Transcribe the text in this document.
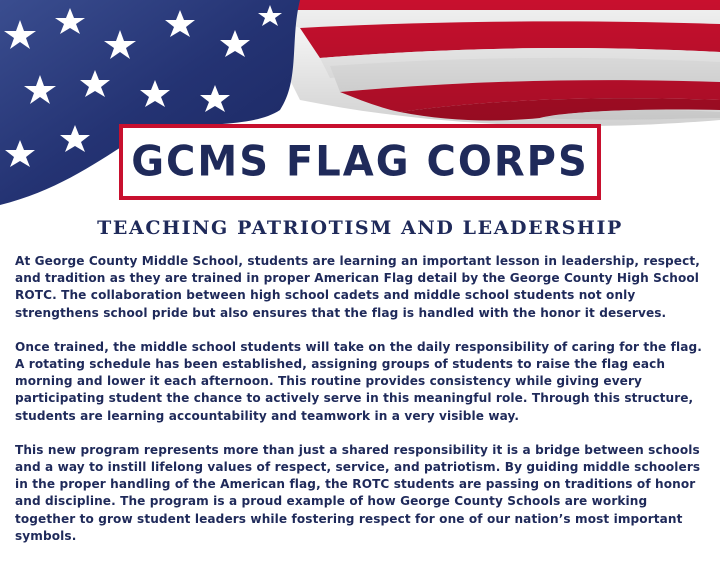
GCMS FLAG CORPS
TEACHING PATRIOTISM AND LEADERSHIP

At George County Middle School, students are learning an important lesson in leadership, respect, and tradition as they are trained in proper American Flag detail by the George County High School ROTC. The collaboration between high school cadets and middle school students not only strengthens school pride but also ensures that the flag is handled with the honor it deserves.

Once trained, the middle school students will take on the daily responsibility of caring for the flag. A rotating schedule has been established, assigning groups of students to raise the flag each morning and lower it each afternoon. This routine provides consistency while giving every participating student the chance to actively serve in this meaningful role. Through this structure, students are learning accountability and teamwork in a very visible way.

This new program represents more than just a shared responsibility it is a bridge between schools and a way to instill lifelong values of respect, service, and patriotism. By guiding middle schoolers in the proper handling of the American flag, the ROTC students are passing on traditions of honor and discipline. The program is a proud example of how George County Schools are working together to grow student leaders while fostering respect for one of our nation’s most important symbols.
